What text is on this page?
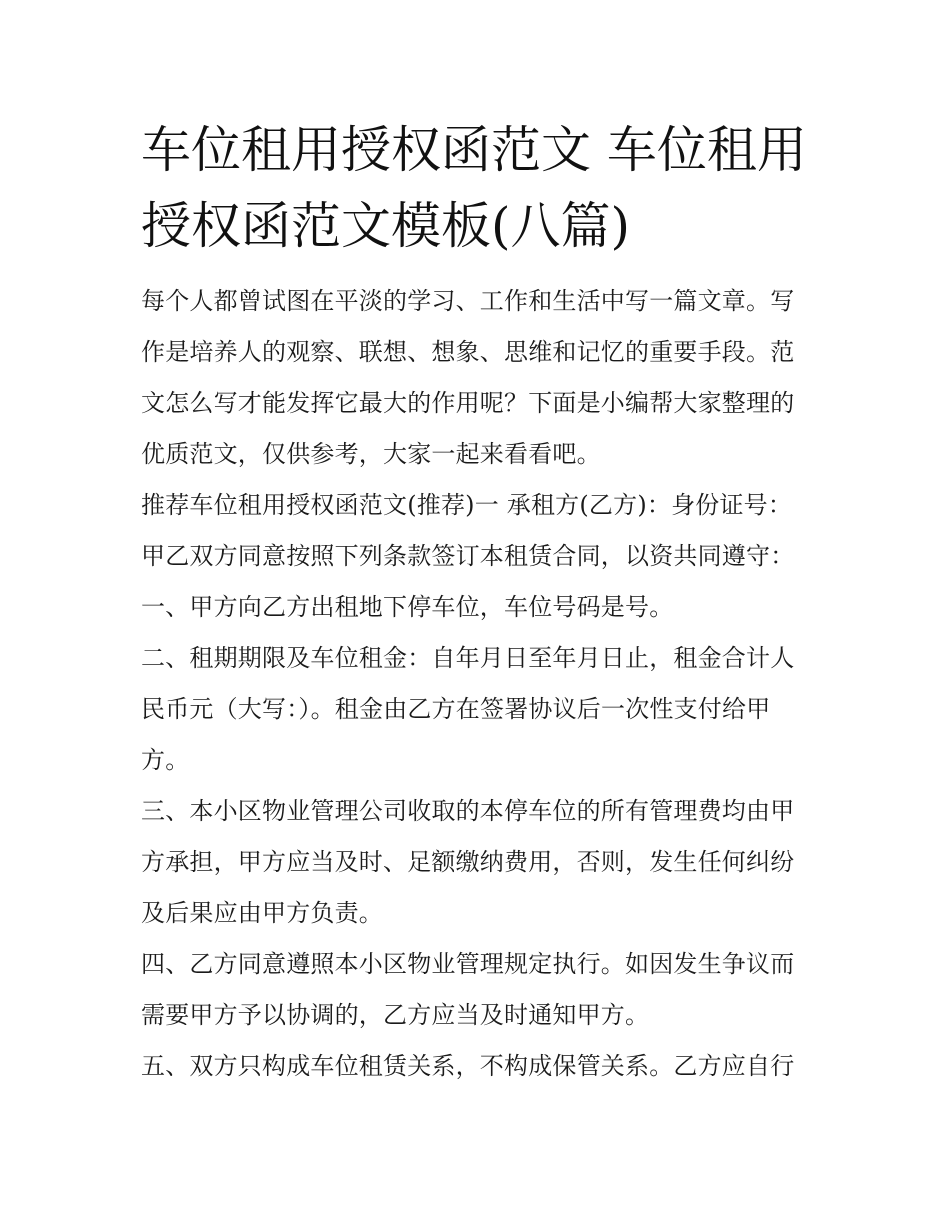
车位租用授权函范文 车位租用授权函范文模板(八篇)

每个人都曾试图在平淡的学习、工作和生活中写一篇文章。写作是培养人的观察、联想、想象、思维和记忆的重要手段。范文怎么写才能发挥它最大的作用呢？下面是小编帮大家整理的优质范文，仅供参考，大家一起来看看吧。

推荐车位租用授权函范文(推荐)一 承租方(乙方)：身份证号：

甲乙双方同意按照下列条款签订本租赁合同，以资共同遵守：

一、甲方向乙方出租地下停车位，车位号码是号。

二、租期期限及车位租金：自年月日至年月日止，租金合计人民币元（大写：）。租金由乙方在签署协议后一次性支付给甲方。

三、本小区物业管理公司收取的本停车位的所有管理费均由甲方承担，甲方应当及时、足额缴纳费用，否则，发生任何纠纷及后果应由甲方负责。

四、乙方同意遵照本小区物业管理规定执行。如因发生争议而需要甲方予以协调的，乙方应当及时通知甲方。

五、双方只构成车位租赁关系，不构成保管关系。乙方应自行
